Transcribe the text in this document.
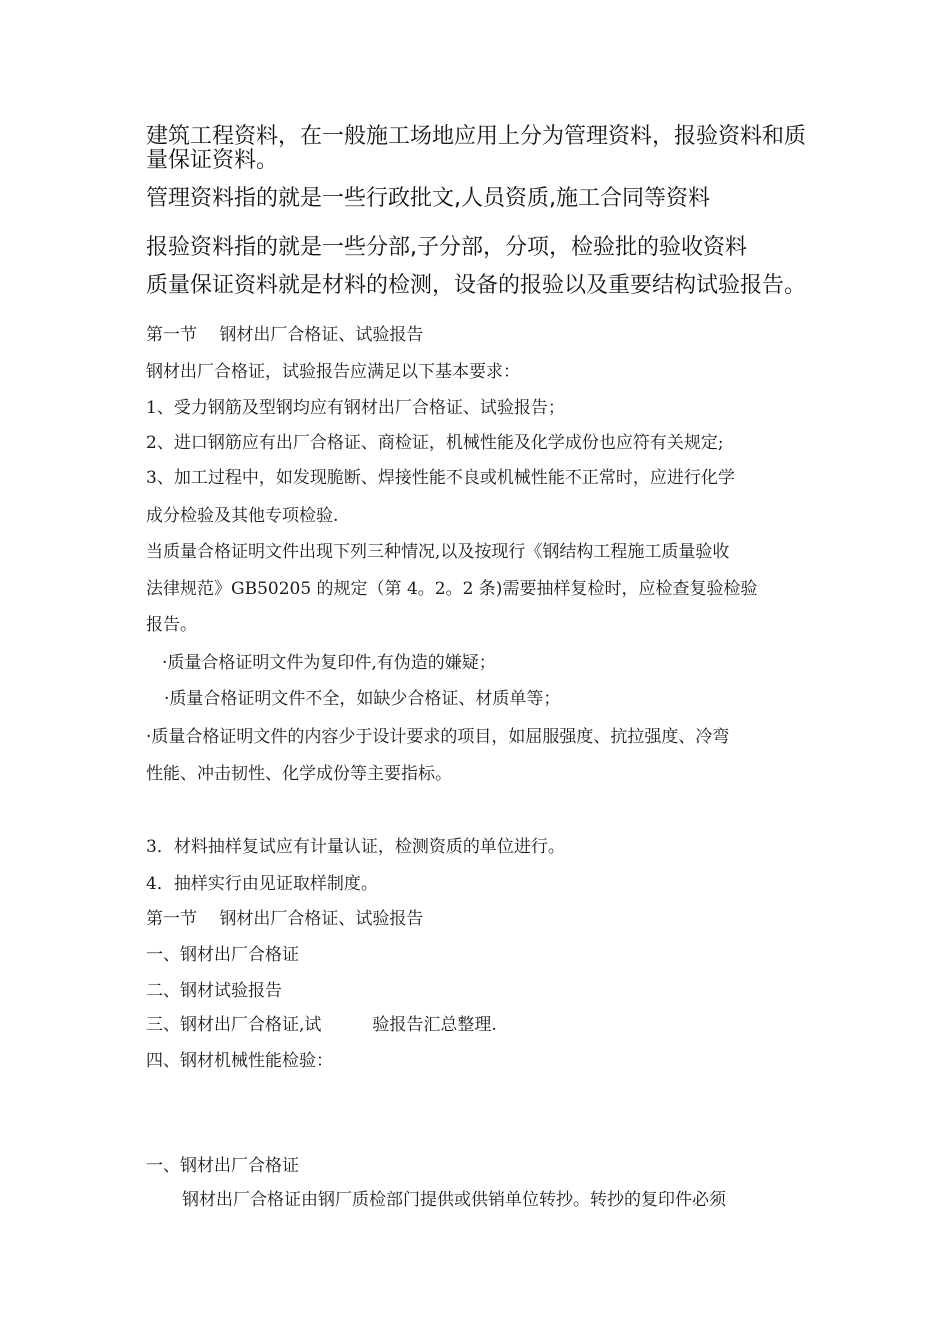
建筑工程资料，在一般施工场地应用上分为管理资料，报验资料和质量保证资料。
管理资料指的就是一些行政批文,人员资质,施工合同等资料
报验资料指的就是一些分部,子分部，分项，检验批的验收资料
质量保证资料就是材料的检测，设备的报验以及重要结构试验报告。
第一节　 钢材出厂合格证、试验报告
钢材出厂合格证，试验报告应满足以下基本要求：
1、受力钢筋及型钢均应有钢材出厂合格证、试验报告；
2、进口钢筋应有出厂合格证、商检证，机械性能及化学成份也应符有关规定;
3、加工过程中，如发现脆断、焊接性能不良或机械性能不正常时，应进行化学
成分检验及其他专项检验.
当质量合格证明文件出现下列三种情况,以及按现行《钢结构工程施工质量验收
法律规范》GB50205 的规定（第 4。2。2 条)需要抽样复检时，应检查复验检验
报告。
·质量合格证明文件为复印件,有伪造的嫌疑；
·质量合格证明文件不全，如缺少合格证、材质单等；
·质量合格证明文件的内容少于设计要求的项目，如屈服强度、抗拉强度、冷弯
性能、冲击韧性、化学成份等主要指标。
3．材料抽样复试应有计量认证，检测资质的单位进行。
4．抽样实行由见证取样制度。
第一节　 钢材出厂合格证、试验报告
一、钢材出厂合格证
二、钢材试验报告
三、钢材出厂合格证,试　　　验报告汇总整理.
四、钢材机械性能检验：
一、钢材出厂合格证
钢材出厂合格证由钢厂质检部门提供或供销单位转抄。转抄的复印件必须
